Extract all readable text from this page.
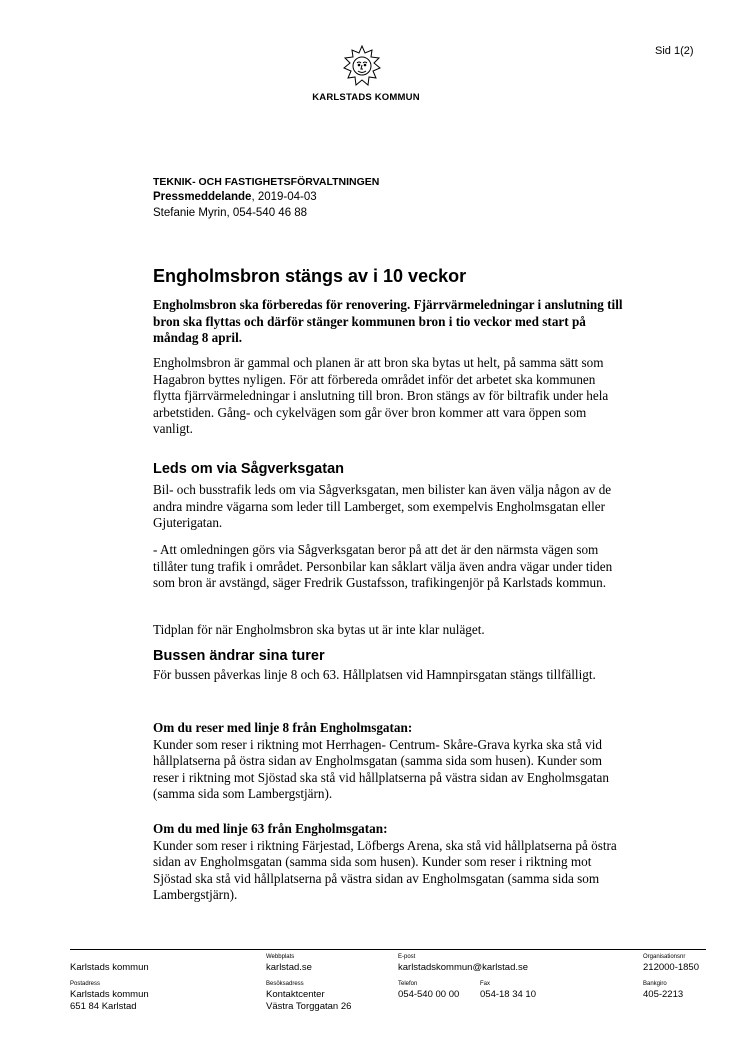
Sid 1(2)
KARLSTADS KOMMUN
TEKNIK- OCH FASTIGHETSFÖRVALTNINGEN
Pressmeddelande, 2019-04-03
Stefanie Myrin, 054-540 46 88
Engholmsbron stängs av i 10 veckor
Engholmsbron ska förberedas för renovering. Fjärrvärmeledningar i anslutning till bron ska flyttas och därför stänger kommunen bron i tio veckor med start på måndag 8 april.
Engholmsbron är gammal och planen är att bron ska bytas ut helt, på samma sätt som Hagabron byttes nyligen. För att förbereda området inför det arbetet ska kommunen flytta fjärrvärmeledningar i anslutning till bron. Bron stängs av för biltrafik under hela arbetstiden. Gång- och cykelvägen som går över bron kommer att vara öppen som vanligt.
Leds om via Sågverksgatan
Bil- och busstrafik leds om via Sågverksgatan, men bilister kan även välja någon av de andra mindre vägarna som leder till Lamberget, som exempelvis Engholmsgatan eller Gjuterigatan.
- Att omledningen görs via Sågverksgatan beror på att det är den närmsta vägen som tillåter tung trafik i området. Personbilar kan såklart välja även andra vägar under tiden som bron är avstängd, säger Fredrik Gustafsson, trafikingenjör på Karlstads kommun.
Tidplan för när Engholmsbron ska bytas ut är inte klar nuläget.
Bussen ändrar sina turer
För bussen påverkas linje 8 och 63. Hållplatsen vid Hamnpirsgatan stängs tillfälligt.
Om du reser med linje 8 från Engholmsgatan:
Kunder som reser i riktning mot Herrhagen- Centrum- Skåre-Grava kyrka ska stå vid hållplatserna på östra sidan av Engholmsgatan (samma sida som husen). Kunder som reser i riktning mot Sjöstad ska stå vid hållplatserna på västra sidan av Engholmsgatan (samma sida som Lambergstjärn).
Om du med linje 63 från Engholmsgatan:
Kunder som reser i riktning Färjestad, Löfbergs Arena, ska stå vid hållplatserna på östra sidan av Engholmsgatan (samma sida som husen). Kunder som reser i riktning mot Sjöstad ska stå vid hållplatserna på västra sidan av Engholmsgatan (samma sida som Lambergstjärn).
Karlstads kommun
Webbplats
karlstad.se
E-post
karlstadskommun@karlstad.se
Organisationsnr
212000-1850
Postadress
Karlstads kommun
651 84 Karlstad
Besöksadress
Kontaktcenter
Västra Torggatan 26
Telefon
054-540 00 00
Fax
054-18 34 10
Bankgiro
405-2213
